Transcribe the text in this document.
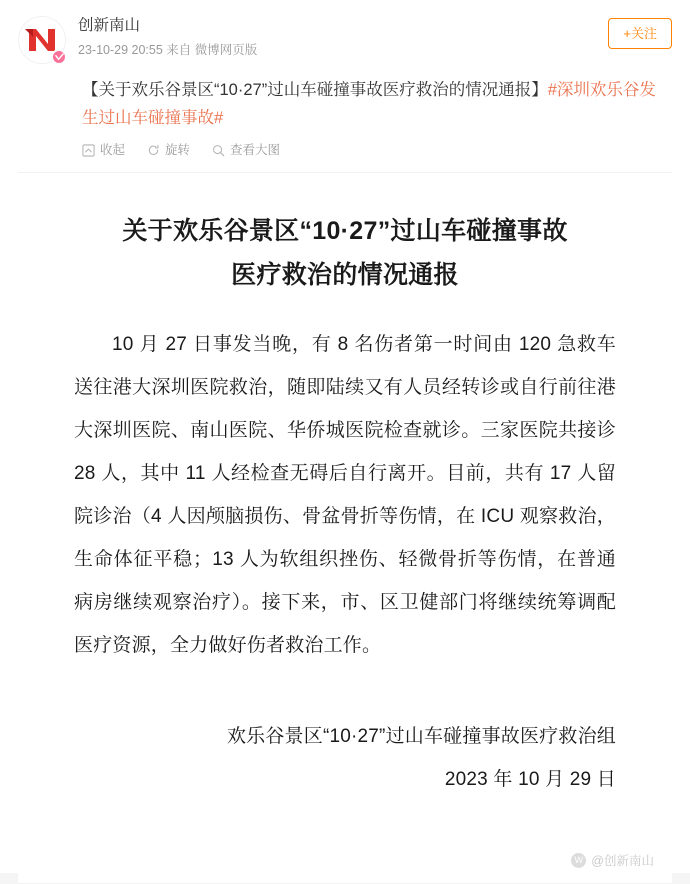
创新南山
23-10-29 20:55 来自 微博网页版
+关注
【关于欢乐谷景区“10·27”过山车碰撞事故医疗救治的情况通报】#深圳欢乐谷发生过山车碰撞事故#
收起	旋转	查看大图
关于欢乐谷景区“10·27”过山车碰撞事故
医疗救治的情况通报
10 月 27 日事发当晚，有 8 名伤者第一时间由 120 急救车送往港大深圳医院救治，随即陆续又有人员经转诊或自行前往港大深圳医院、南山医院、华侨城医院检查就诊。三家医院共接诊 28 人，其中 11 人经检查无碍后自行离开。目前，共有 17 人留院诊治（4 人因颅脑损伤、骨盆骨折等伤情，在 ICU 观察救治，生命体征平稳；13 人为软组织挫伤、轻微骨折等伤情，在普通病房继续观察治疗）。接下来，市、区卫健部门将继续统筹调配医疗资源，全力做好伤者救治工作。
欢乐谷景区“10·27”过山车碰撞事故医疗救治组
2023 年 10 月 29 日
W @创新南山
